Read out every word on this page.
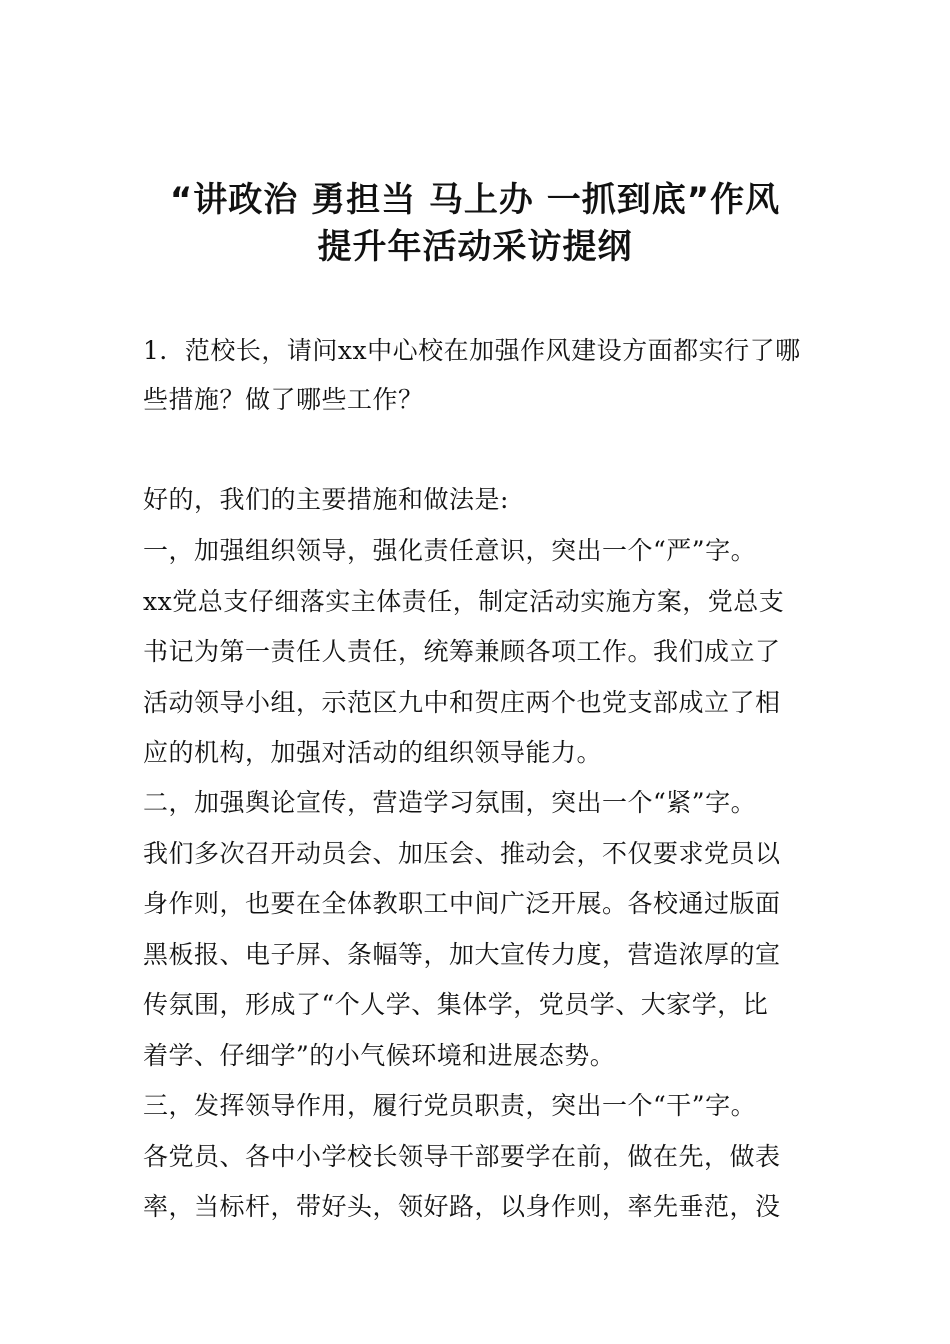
“讲政治 勇担当 马上办 一抓到底”作风
提升年活动采访提纲
1．范校长，请问xx中心校在加强作风建设方面都实行了哪
些措施？做了哪些工作？
好的，我们的主要措施和做法是:
一，加强组织领导，强化责任意识，突出一个“严”字。
xx党总支仔细落实主体责任，制定活动实施方案，党总支
书记为第一责任人责任，统筹兼顾各项工作。我们成立了
活动领导小组，示范区九中和贺庄两个也党支部成立了相
应的机构，加强对活动的组织领导能力。
二，加强舆论宣传，营造学习氛围，突出一个“紧”字。
我们多次召开动员会、加压会、推动会，不仅要求党员以
身作则，也要在全体教职工中间广泛开展。各校通过版面
黑板报、电子屏、条幅等，加大宣传力度，营造浓厚的宣
传氛围，形成了“个人学、集体学，党员学、大家学，比
着学、仔细学”的小气候环境和进展态势。
三，发挥领导作用，履行党员职责，突出一个“干”字。
各党员、各中小学校长领导干部要学在前，做在先，做表
率，当标杆，带好头，领好路，以身作则，率先垂范，没
